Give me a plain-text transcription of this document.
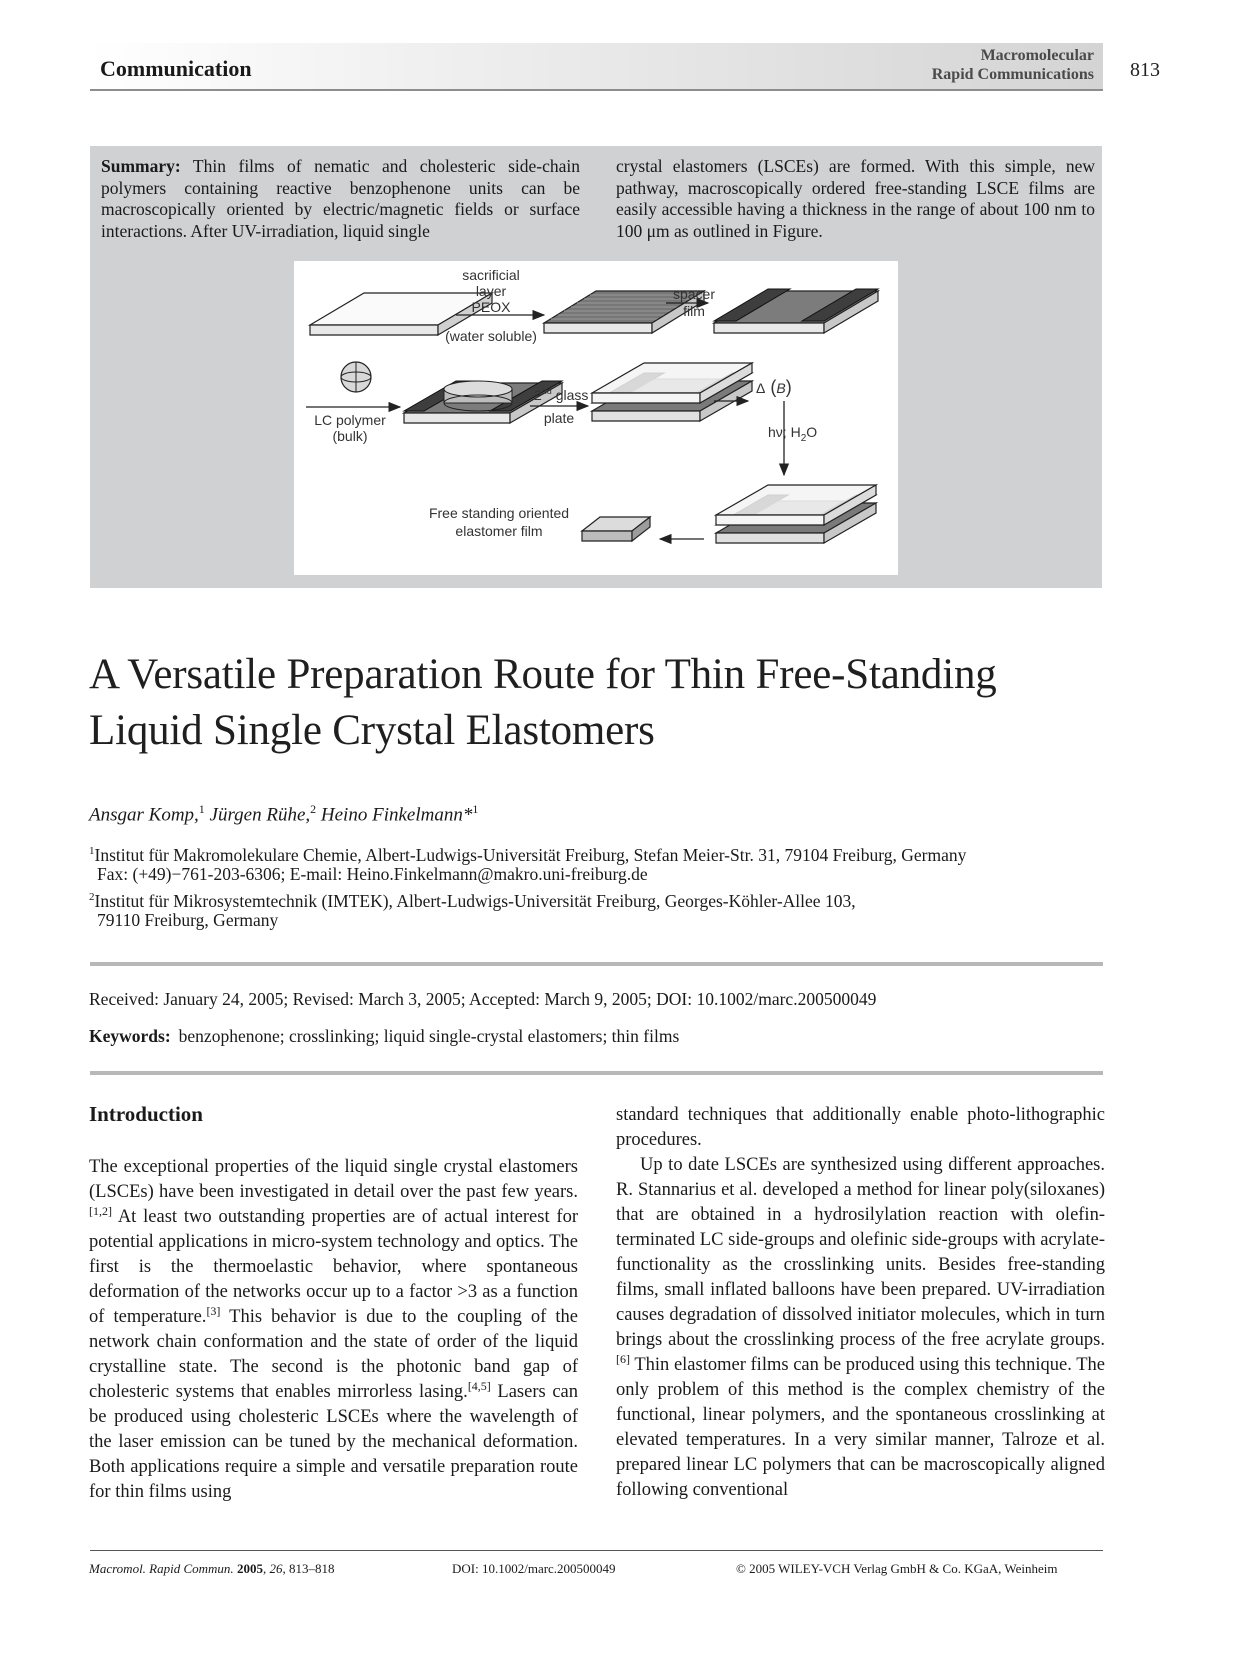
Communication
Macromolecular
Rapid Communications 813
Summary: Thin films of nematic and cholesteric side-chain polymers containing reactive benzophenone units can be macroscopically oriented by electric/magnetic fields or surface interactions. After UV-irradiation, liquid single
crystal elastomers (LSCEs) are formed. With this simple, new pathway, macroscopically ordered free-standing LSCE films are easily accessible having a thickness in the range of about 100 nm to 100 μm as outlined in Figure.
sacrificial
layer
PEOX
(water soluble)
spacer
film
LC polymer
(bulk)
2nd glass
plate
Δ (B)
hν; $H_2O$
Free standing oriented
elastomer film
A Versatile Preparation Route for Thin Free-Standing
Liquid Single Crystal Elastomers
Ansgar Komp,$^1$ Jürgen Rühe,$^2$ Heino Finkelmann*$^1$
$^1$Institut für Makromolekulare Chemie, Albert-Ludwigs-Universität Freiburg, Stefan Meier-Str. 31, 79104 Freiburg, Germany
Fax: (+49)−761-203-6306; E-mail: Heino.Finkelmann@makro.uni-freiburg.de
$^2$Institut für Mikrosystemtechnik (IMTEK), Albert-Ludwigs-Universität Freiburg, Georges-Köhler-Allee 103,
79110 Freiburg, Germany
Received: January 24, 2005; Revised: March 3, 2005; Accepted: March 9, 2005; DOI: 10.1002/marc.200500049
Keywords: benzophenone; crosslinking; liquid single-crystal elastomers; thin films
Introduction

The exceptional properties of the liquid single crystal elastomers (LSCEs) have been investigated in detail over the past few years.[1,2] At least two outstanding properties are of actual interest for potential applications in micro-system technology and optics. The first is the thermoelastic behavior, where spontaneous deformation of the networks occur up to a factor >3 as a function of temperature.[3] This behavior is due to the coupling of the network chain conformation and the state of order of the liquid crystalline state. The second is the photonic band gap of cholesteric systems that enables mirrorless lasing.[4,5] Lasers can be produced using cholesteric LSCEs where the wavelength of the laser emission can be tuned by the mechanical deformation. Both applications require a simple and versatile preparation route for thin films using

standard techniques that additionally enable photo-lithographic procedures.

Up to date LSCEs are synthesized using different approaches. R. Stannarius et al. developed a method for linear poly(siloxanes) that are obtained in a hydrosilylation reaction with olefin-terminated LC side-groups and olefinic side-groups with acrylate-functionality as the crosslinking units. Besides free-standing films, small inflated balloons have been prepared. UV-irradiation causes degradation of dissolved initiator molecules, which in turn brings about the crosslinking process of the free acrylate groups.[6] Thin elastomer films can be produced using this technique. The only problem of this method is the complex chemistry of the functional, linear polymers, and the spontaneous crosslinking at elevated temperatures. In a very similar manner, Talroze et al. prepared linear LC polymers that can be macroscopically aligned following conventional

Macromol. Rapid Commun. 2005, 26, 813–818	DOI: 10.1002/marc.200500049	© 2005 WILEY-VCH Verlag GmbH & Co. KGaA, Weinheim
